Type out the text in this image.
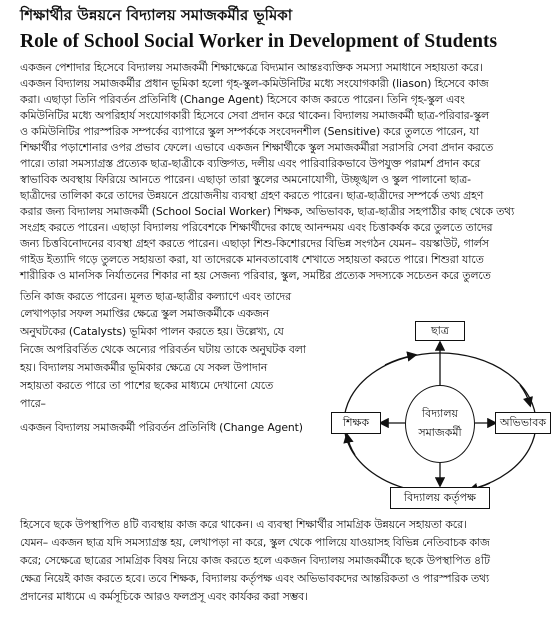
শিক্ষার্থীর উন্নয়নে বিদ্যালয় সমাজকর্মীর ভূমিকা
Role of School Social Worker in Development of Students
একজন পেশাদার হিসেবে বিদ্যালয় সমাজকর্মী শিক্ষাক্ষেত্রে বিদ্যমান আন্তঃব্যক্তিক সমস্যা সমাধানে সহায়তা করে।
একজন বিদ্যালয় সমাজকর্মীর প্রধান ভূমিকা হলো গৃহ-স্কুল-কমিউনিটির মধ্যে সংযোগকারী (liason) হিসেবে কাজ
করা। এছাড়া তিনি পরিবর্তন প্রতিনিধি (Change Agent) হিসেবে কাজ করতে পারেন। তিনি গৃহ-স্কুল এবং
কমিউনিটির মধ্যে অপরিহার্য সংযোগকারী হিসেবে সেবা প্রদান করে থাকেন। বিদ্যালয় সমাজকর্মী ছাত্র-পরিবার-স্কুল
ও কমিউনিটির পারস্পরিক সম্পর্কের ব্যাপারে স্কুল সম্পর্ককে সংবেদনশীল (Sensitive) করে তুলতে পারেন, যা
শিক্ষার্থীর পড়াশোনার ওপর প্রভাব ফেলে। এভাবে একজন শিক্ষার্থীকে স্কুল সমাজকর্মীরা সরাসরি সেবা প্রদান করতে
পারে। তারা সমস্যাগ্রস্ত প্রত্যেক ছাত্র-ছাত্রীকে ব্যক্তিগত, দলীয় এবং পারিবারিকভাবে উপযুক্ত পরামর্শ প্রদান করে
স্বাভাবিক অবস্থায় ফিরিয়ে আনতে পারেন। এছাড়া তারা স্কুলের অমনোযোগী, উচ্ছৃঙ্খল ও স্কুল পালানো ছাত্র-
ছাত্রীদের তালিকা করে তাদের উন্নয়নে প্রয়োজনীয় ব্যবস্থা গ্রহণ করতে পারেন। ছাত্র-ছাত্রীদের সম্পর্কে তথ্য গ্রহণ
করার জন্য বিদ্যালয় সমাজকর্মী (School Social Worker) শিক্ষক, অভিভাবক, ছাত্র-ছাত্রীর সহপাঠীর কাছ থেকে তথ্য
সংগ্রহ করতে পারেন। এছাড়া বিদ্যালয় পরিবেশকে শিক্ষার্থীদের কাছে আনন্দময় এবং চিত্তাকর্ষক করে তুলতে তাদের
জন্য চিত্তবিনোদনের ব্যবস্থা গ্রহণ করতে পারেন। এছাড়া শিশু-কিশোরদের বিভিন্ন সংগঠন যেমন– বয়স্কাউট, গার্লস
গাইড ইত্যাদি গড়ে তুলতে সহায়তা করা, যা তাদেরকে মানবতাবোধ শেখাতে সহায়তা করতে পারে। শিশুরা যাতে
শারীরিক ও মানসিক নির্যাতনের শিকার না হয় সেজন্য পরিবার, স্কুল, সমষ্টির প্রত্যেক সদস্যকে সচেতন করে তুলতে
তিনি কাজ করতে পারেন। মূলত ছাত্র-ছাত্রীর কল্যাণে এবং তাদের
লেখাপড়ার সফল সমাপ্তির ক্ষেত্রে স্কুল সমাজকর্মীকে একজন
অনুঘটকের (Catalysts) ভূমিকা পালন করতে হয়। উল্লেখ্য, যে
নিজে অপরিবর্তিত থেকে অন্যের পরিবর্তন ঘটায় তাকে অনুঘটক বলা
হয়। বিদ্যালয় সমাজকর্মীর ভূমিকার ক্ষেত্রে যে সকল উপাদান
সহায়তা করতে পারে তা পাশের ছকের মাধ্যমে দেখানো যেতে
পারে–
একজন বিদ্যালয় সমাজকর্মী পরিবর্তন প্রতিনিধি (Change Agent)
হিসেবে ছকে উপস্থাপিত ৪টি ব্যবস্থায় কাজ করে থাকেন। এ ব্যবস্থা শিক্ষার্থীর সামগ্রিক উন্নয়নে সহায়তা করে।
যেমন– একজন ছাত্র যদি সমস্যাগ্রস্ত হয়, লেখাপড়া না করে, স্কুল থেকে পালিয়ে যাওয়াসহ বিভিন্ন নেতিবাচক কাজ
করে; সেক্ষেত্রে ছাত্রের সামগ্রিক বিষয় নিয়ে কাজ করতে হলে একজন বিদ্যালয় সমাজকর্মীকে ছকে উপস্থাপিত ৪টি
ক্ষেত্র নিয়েই কাজ করতে হবে। তবে শিক্ষক, বিদ্যালয় কর্তৃপক্ষ এবং অভিভাবকদের আন্তরিকতা ও পারস্পরিক তথ্য
প্রদানের মাধ্যমে এ কর্মসূচিকে আরও ফলপ্রসূ এবং কার্যকর করা সম্ভব।
ছাত্র
শিক্ষক	অভিভাবক
বিদ্যালয় কর্তৃপক্ষ
বিদ্যালয়
সমাজকর্মী
